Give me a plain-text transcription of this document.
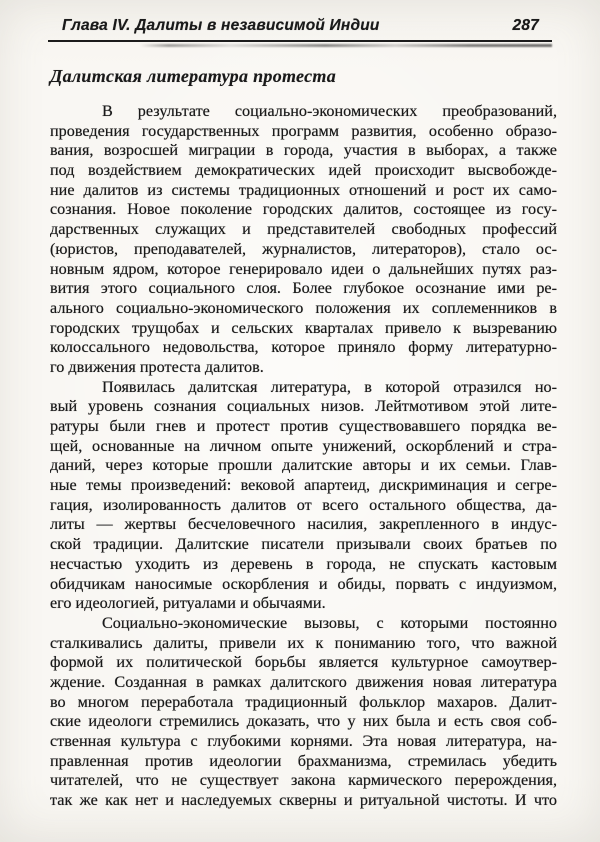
Глава IV. Далиты в независимой Индии	287
Далитская литература протеста
В результате социально-экономических преобразований,
проведения государственных программ развития, особенно образо-
вания, возросшей миграции в города, участия в выборах, а также
под воздействием демократических идей происходит высвобожде-
ние далитов из системы традиционных отношений и рост их само-
сознания. Новое поколение городских далитов, состоящее из госу-
дарственных служащих и представителей свободных профессий
(юристов, преподавателей, журналистов, литераторов), стало ос-
новным ядром, которое генерировало идеи о дальнейших путях раз-
вития этого социального слоя. Более глубокое осознание ими ре-
ального социально-экономического положения их соплеменников в
городских трущобах и сельских кварталах привело к вызреванию
колоссального недовольства, которое приняло форму литературно-
го движения протеста далитов.
Появилась далитская литература, в которой отразился но-
вый уровень сознания социальных низов. Лейтмотивом этой лите-
ратуры были гнев и протест против существовавшего порядка ве-
щей, основанные на личном опыте унижений, оскорблений и стра-
даний, через которые прошли далитские авторы и их семьи. Глав-
ные темы произведений: вековой апартеид, дискриминация и сегре-
гация, изолированность далитов от всего остального общества, да-
литы — жертвы бесчеловечного насилия, закрепленного в индус-
ской традиции. Далитские писатели призывали своих братьев по
несчастью уходить из деревень в города, не спускать кастовым
обидчикам наносимые оскорбления и обиды, порвать с индуизмом,
его идеологией, ритуалами и обычаями.
Социально-экономические вызовы, с которыми постоянно
сталкивались далиты, привели их к пониманию того, что важной
формой их политической борьбы является культурное самоутвер-
ждение. Созданная в рамках далитского движения новая литература
во многом переработала традиционный фольклор махаров. Далит-
ские идеологи стремились доказать, что у них была и есть своя соб-
ственная культура с глубокими корнями. Эта новая литература, на-
правленная против идеологии брахманизма, стремилась убедить
читателей, что не существует закона кармического перерождения,
так же как нет и наследуемых скверны и ритуальной чистоты. И что
